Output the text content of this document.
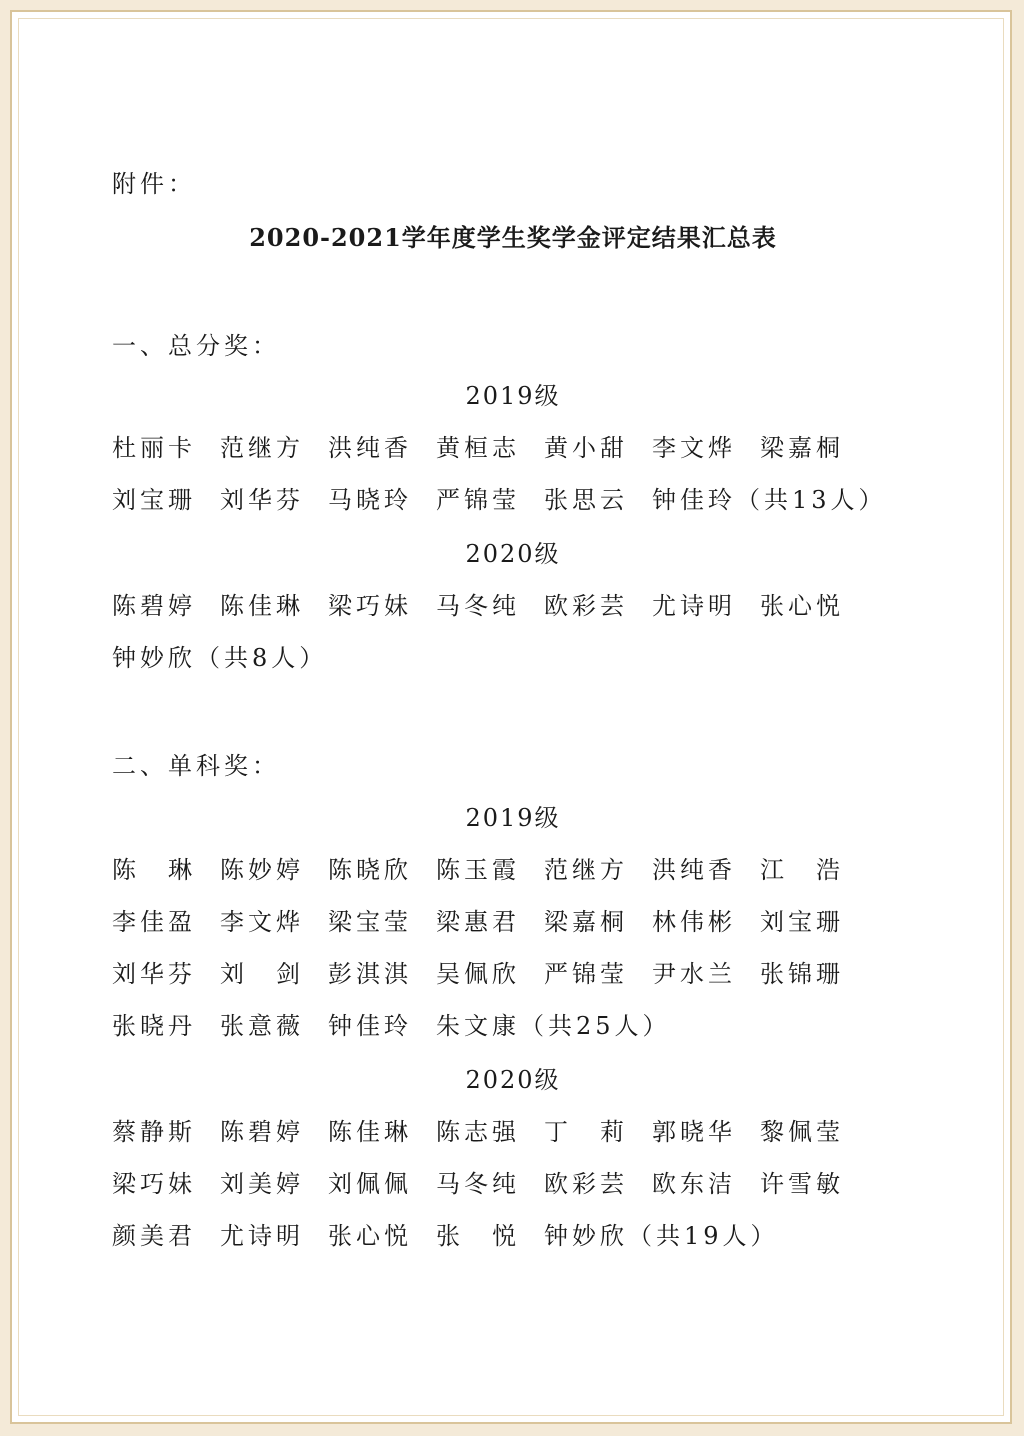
附件：
2020-2021学年度学生奖学金评定结果汇总表
一、总分奖：
2019级
杜丽卡 范继方 洪纯香 黄桓志 黄小甜 李文烨 梁嘉桐
刘宝珊 刘华芬 马晓玲 严锦莹 张思云 钟佳玲（共13人）
2020级
陈碧婷 陈佳琳 梁巧妹 马冬纯 欧彩芸 尤诗明 张心悦
钟妙欣（共8人）
二、单科奖：
2019级
陈　琳 陈妙婷 陈晓欣 陈玉霞 范继方 洪纯香 江　浩
李佳盈 李文烨 梁宝莹 梁惠君 梁嘉桐 林伟彬 刘宝珊
刘华芬 刘　剑 彭淇淇 吴佩欣 严锦莹 尹水兰 张锦珊
张晓丹 张意薇 钟佳玲 朱文康（共25人）
2020级
蔡静斯 陈碧婷 陈佳琳 陈志强 丁　莉 郭晓华 黎佩莹
梁巧妹 刘美婷 刘佩佩 马冬纯 欧彩芸 欧东洁 许雪敏
颜美君 尤诗明 张心悦 张　悦 钟妙欣（共19人）
